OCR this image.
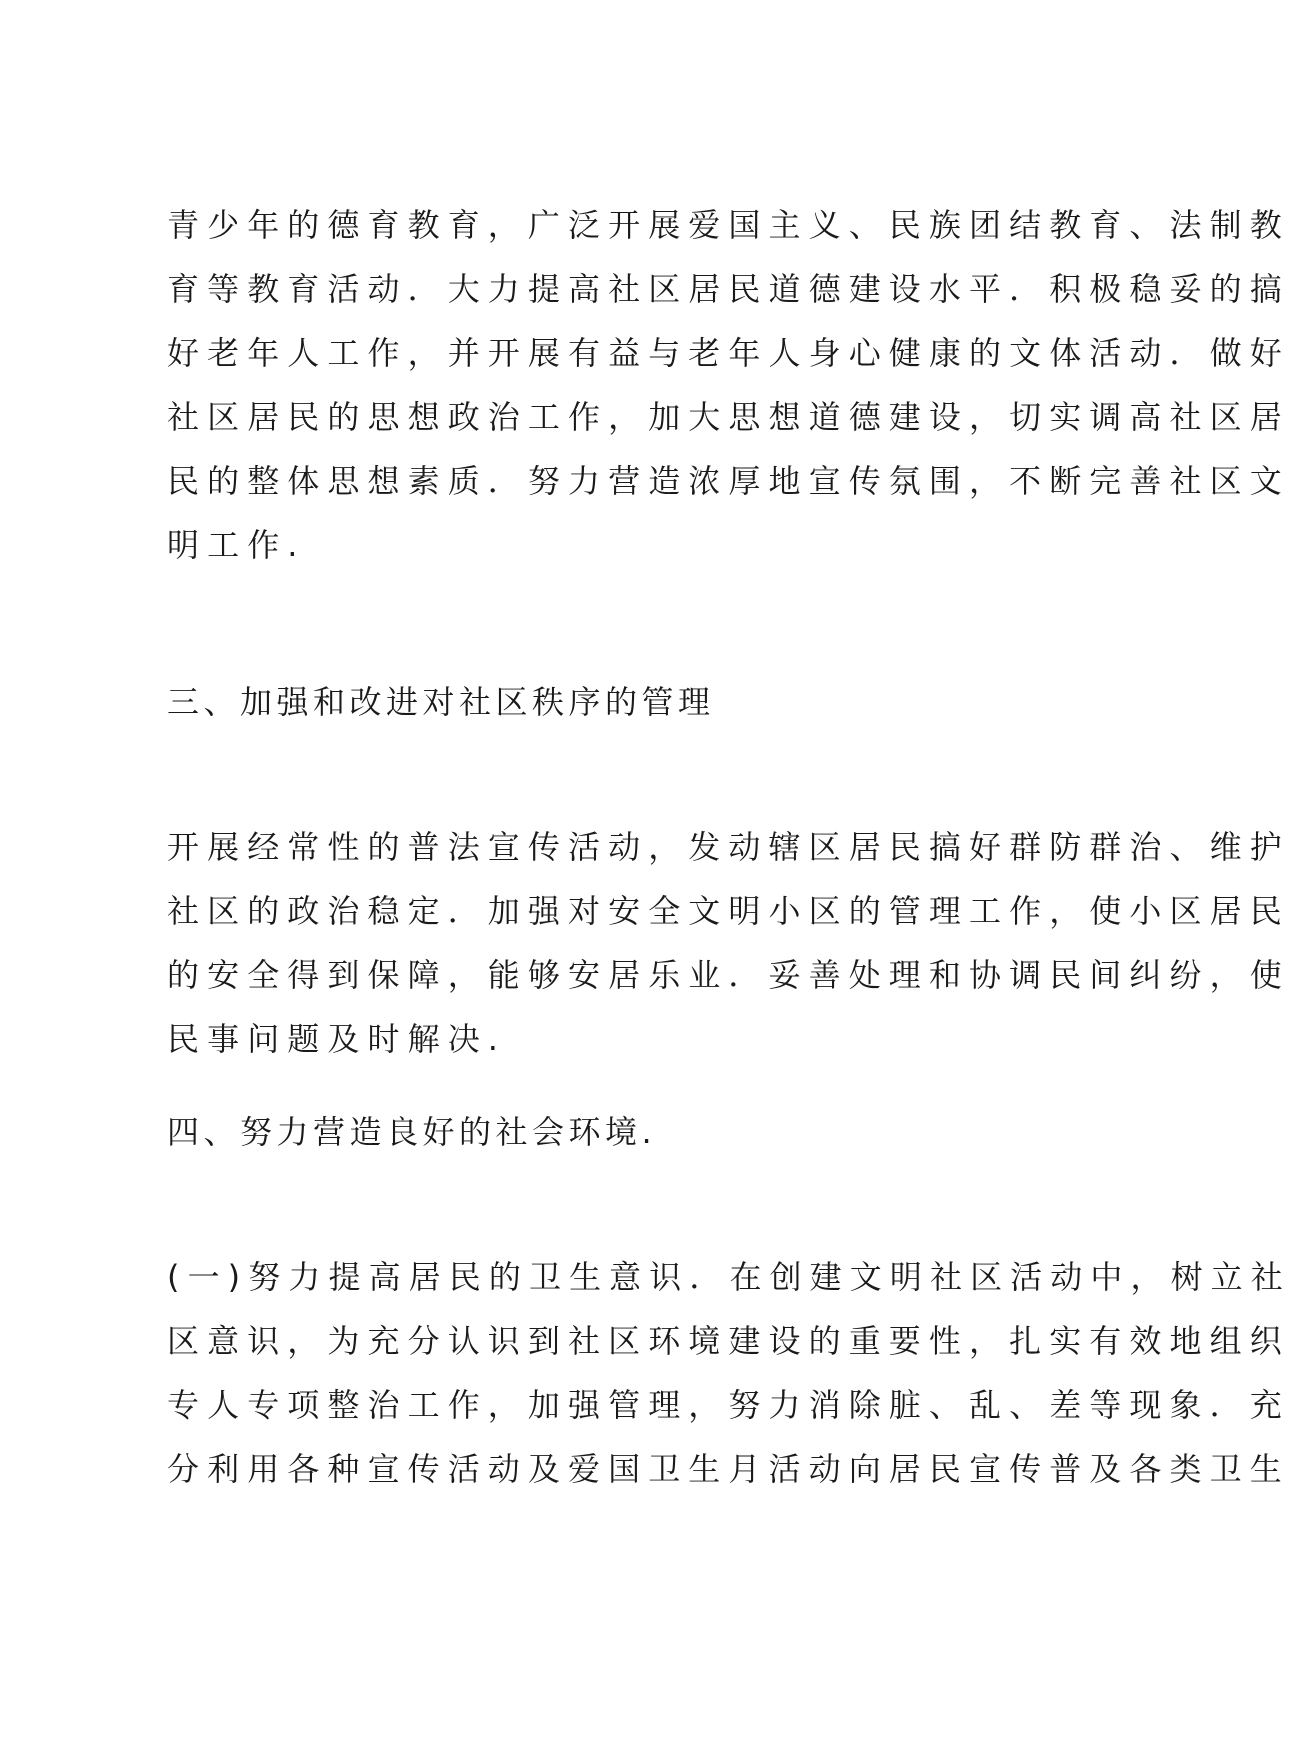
青少年的德育教育，广泛开展爱国主义、民族团结教育、法制教
育等教育活动．大力提高社区居民道德建设水平．积极稳妥的搞
好老年人工作，并开展有益与老年人身心健康的文体活动．做好
社区居民的思想政治工作，加大思想道德建设，切实调高社区居
民的整体思想素质．努力营造浓厚地宣传氛围，不断完善社区文
明工作.
三、加强和改进对社区秩序的管理
开展经常性的普法宣传活动，发动辖区居民搞好群防群治、维护
社区的政治稳定．加强对安全文明小区的管理工作，使小区居民
的安全得到保障，能够安居乐业．妥善处理和协调民间纠纷，使
民事问题及时解决.
四、努力营造良好的社会环境.
(一)努力提高居民的卫生意识．在创建文明社区活动中，树立社
区意识，为充分认识到社区环境建设的重要性，扎实有效地组织
专人专项整治工作，加强管理，努力消除脏、乱、差等现象．充
分利用各种宣传活动及爱国卫生月活动向居民宣传普及各类卫生
